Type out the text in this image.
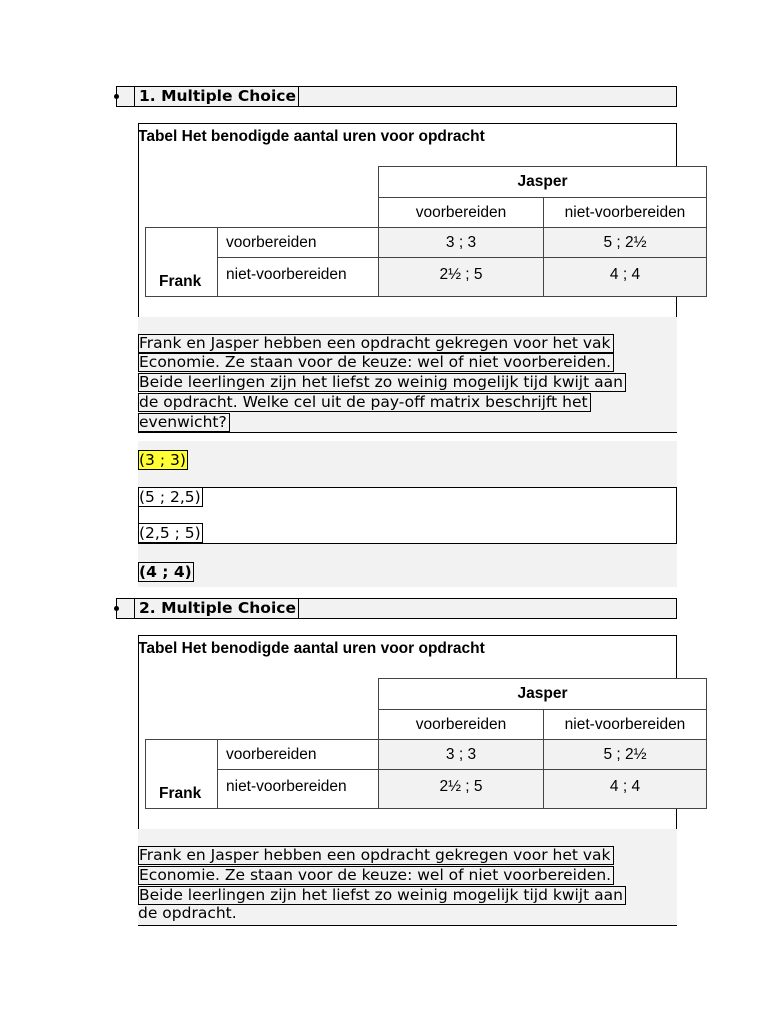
1. Multiple Choice
Tabel Het benodigde aantal uren voor opdracht
Jasper
voorbereiden	niet-voorbereiden
Frank
voorbereiden	3 ; 3	5 ; 2½
niet-voorbereiden	2½ ; 5	4 ; 4
Frank en Jasper hebben een opdracht gekregen voor het vak
Economie. Ze staan voor de keuze: wel of niet voorbereiden.
Beide leerlingen zijn het liefst zo weinig mogelijk tijd kwijt aan
de opdracht. Welke cel uit de pay-off matrix beschrijft het
evenwicht?
(3 ; 3)
(5 ; 2,5)
(2,5 ; 5)
(4 ; 4)
2. Multiple Choice
Tabel Het benodigde aantal uren voor opdracht
Jasper
voorbereiden	niet-voorbereiden
Frank
voorbereiden	3 ; 3	5 ; 2½
niet-voorbereiden	2½ ; 5	4 ; 4
Frank en Jasper hebben een opdracht gekregen voor het vak
Economie. Ze staan voor de keuze: wel of niet voorbereiden.
Beide leerlingen zijn het liefst zo weinig mogelijk tijd kwijt aan
de opdracht.
